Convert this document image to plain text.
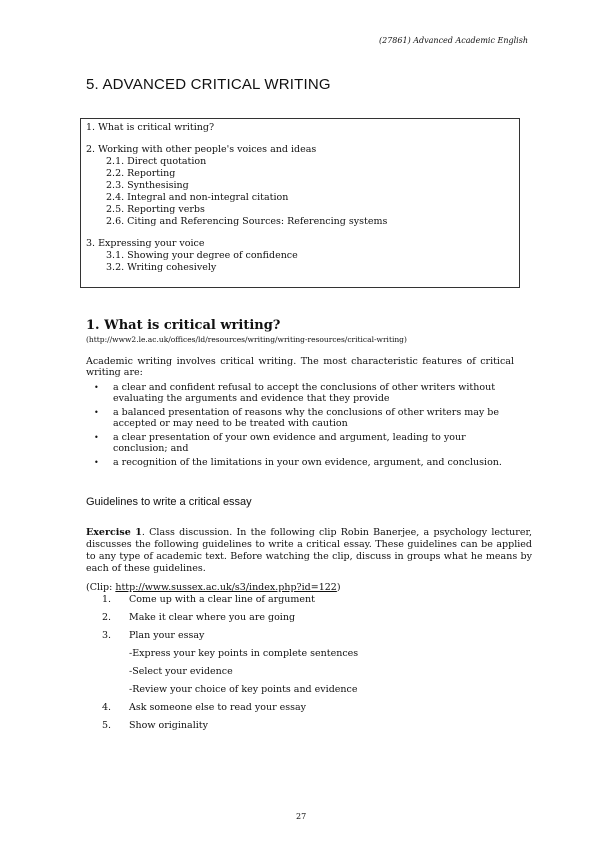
(27861) Advanced Academic English
5. ADVANCED CRITICAL WRITING
1. What is critical writing?
2. Working with other people's voices and ideas
2.1. Direct quotation
2.2. Reporting
2.3. Synthesising
2.4. Integral and non-integral citation
2.5. Reporting verbs
2.6. Citing and Referencing Sources: Referencing systems
3. Expressing your voice
3.1. Showing your degree of confidence
3.2. Writing cohesively
1. What is critical writing?
(http://www2.le.ac.uk/offices/ld/resources/writing/writing-resources/critical-writing)
Academic writing involves critical writing. The most characteristic features of critical writing are:
• a clear and confident refusal to accept the conclusions of other writers without evaluating the arguments and evidence that they provide
• a balanced presentation of reasons why the conclusions of other writers may be accepted or may need to be treated with caution
• a clear presentation of your own evidence and argument, leading to your conclusion; and
• a recognition of the limitations in your own evidence, argument, and conclusion.
Guidelines to write a critical essay
Exercise 1. Class discussion. In the following clip Robin Banerjee, a psychology lecturer, discusses the following guidelines to write a critical essay. These guidelines can be applied to any type of academic text. Before watching the clip, discuss in groups what he means by each of these guidelines.
(Clip: http://www.sussex.ac.uk/s3/index.php?id=122)
1. Come up with a clear line of argument
2. Make it clear where you are going
3. Plan your essay
-Express your key points in complete sentences
-Select your evidence
-Review your choice of key points and evidence
4. Ask someone else to read your essay
5. Show originality
27
